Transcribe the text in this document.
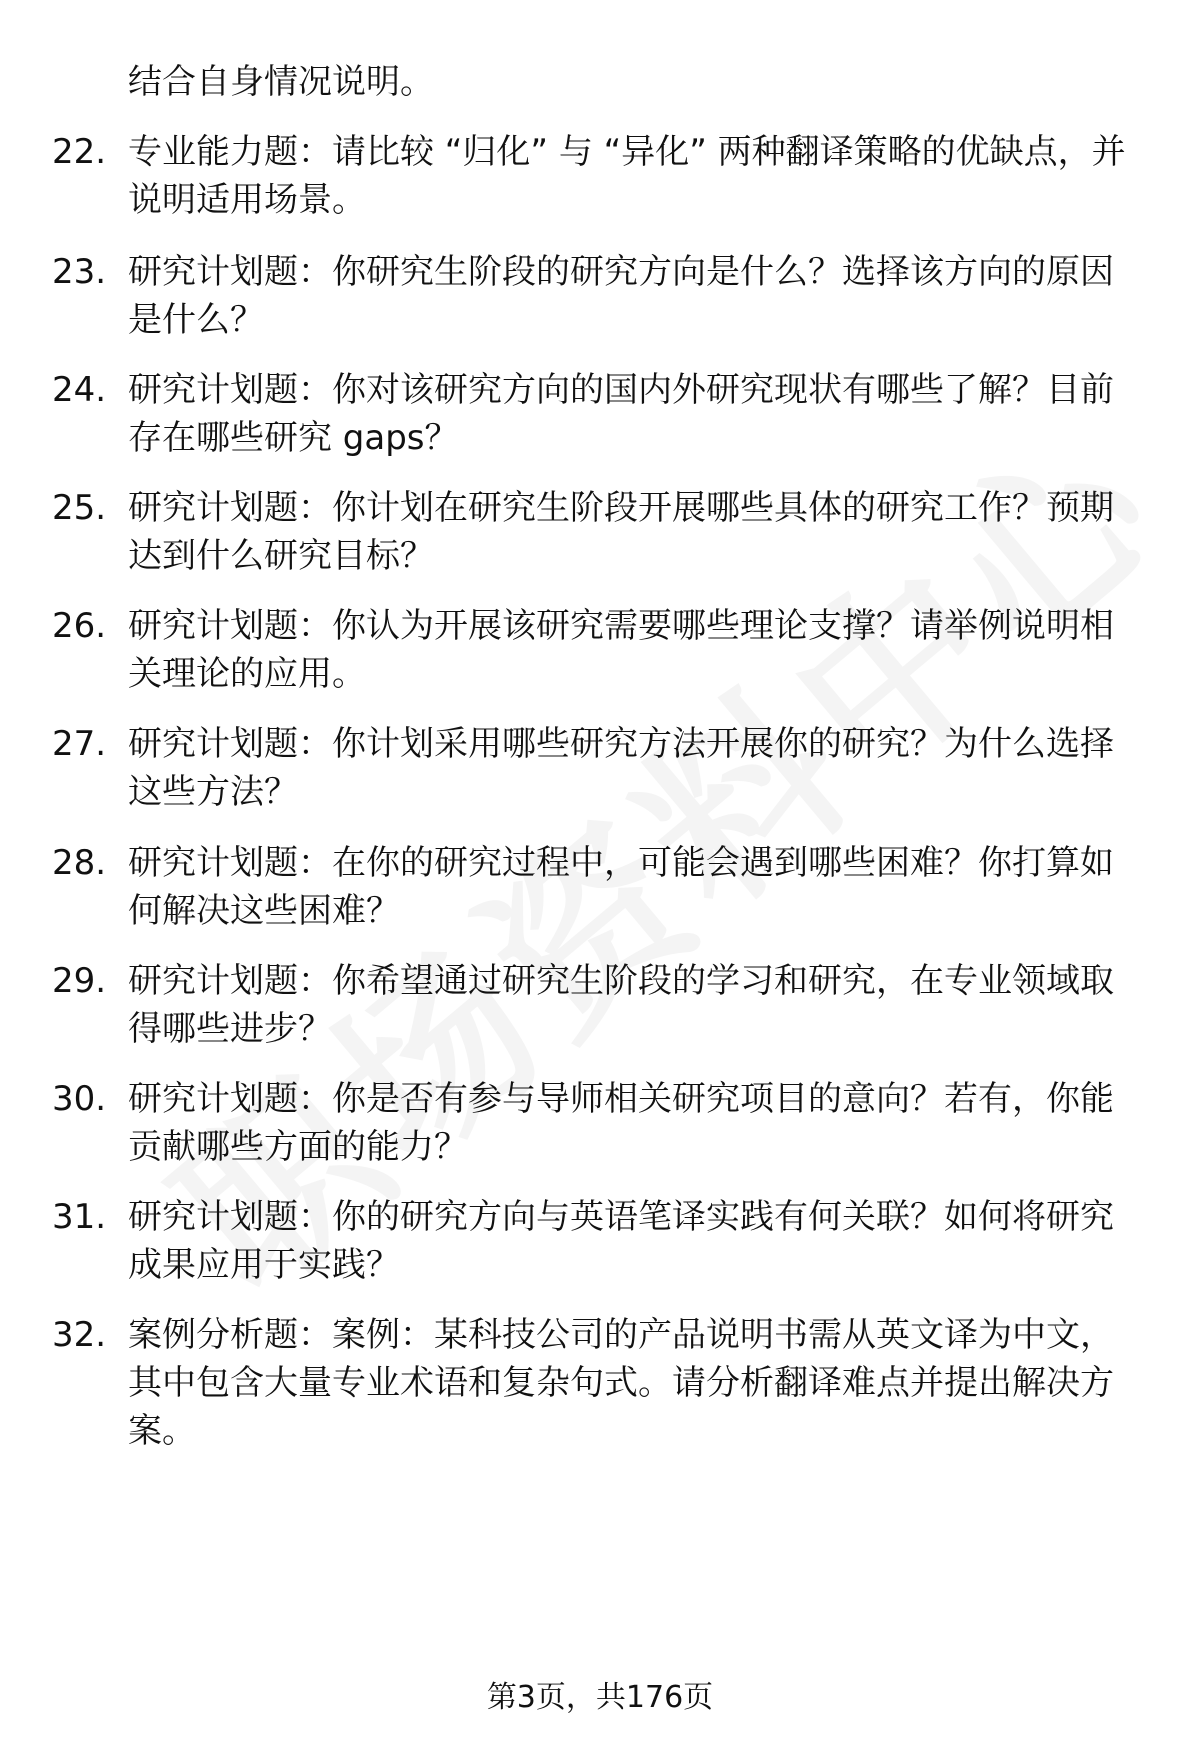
结合自身情况说明。
22. 专业能力题：请比较 “归化” 与 “异化” 两种翻译策略的优缺点，并说明适用场景。
23. 研究计划题：你研究生阶段的研究方向是什么？选择该方向的原因是什么？
24. 研究计划题：你对该研究方向的国内外研究现状有哪些了解？目前存在哪些研究 gaps？
25. 研究计划题：你计划在研究生阶段开展哪些具体的研究工作？预期达到什么研究目标？
26. 研究计划题：你认为开展该研究需要哪些理论支撑？请举例说明相关理论的应用。
27. 研究计划题：你计划采用哪些研究方法开展你的研究？为什么选择这些方法？
28. 研究计划题：在你的研究过程中，可能会遇到哪些困难？你打算如何解决这些困难？
29. 研究计划题：你希望通过研究生阶段的学习和研究，在专业领域取得哪些进步？
30. 研究计划题：你是否有参与导师相关研究项目的意向？若有，你能贡献哪些方面的能力？
31. 研究计划题：你的研究方向与英语笔译实践有何关联？如何将研究成果应用于实践？
32. 案例分析题：案例：某科技公司的产品说明书需从英文译为中文，其中包含大量专业术语和复杂句式。请分析翻译难点并提出解决方案。
第3页，共176页
